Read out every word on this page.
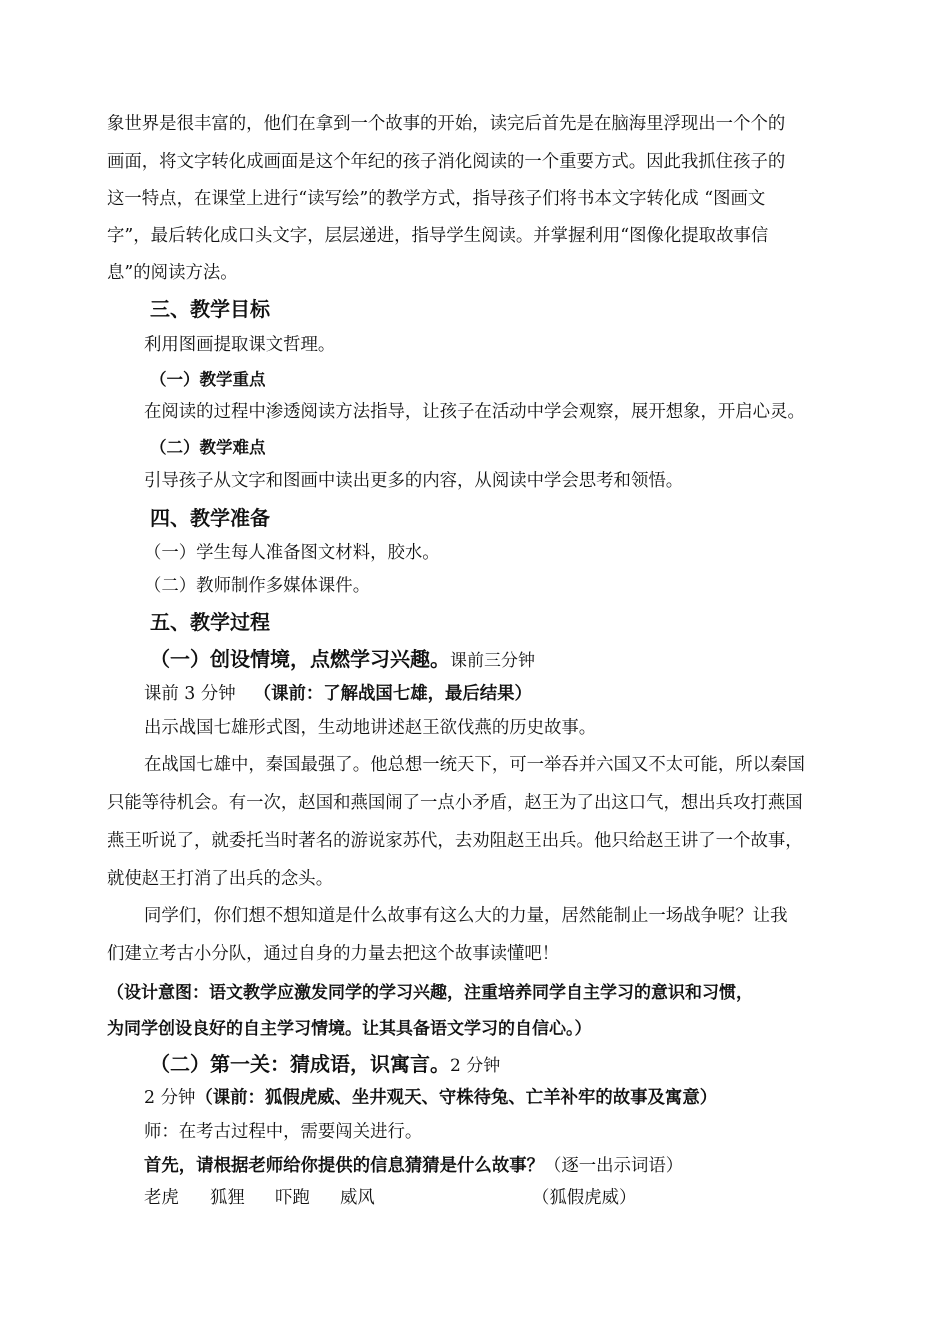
象世界是很丰富的，他们在拿到一个故事的开始，读完后首先是在脑海里浮现出一个个的
画面，将文字转化成画面是这个年纪的孩子消化阅读的一个重要方式。因此我抓住孩子的
这一特点，在课堂上进行“读写绘”的教学方式，指导孩子们将书本文字转化成 “图画文
字”，最后转化成口头文字，层层递进，指导学生阅读。并掌握利用“图像化提取故事信
息”的阅读方法。
三、教学目标
利用图画提取课文哲理。
（一）教学重点
在阅读的过程中渗透阅读方法指导，让孩子在活动中学会观察，展开想象，开启心灵。
（二）教学难点
引导孩子从文字和图画中读出更多的内容，从阅读中学会思考和领悟。
四、教学准备
（一）学生每人准备图文材料，胶水。
（二）教师制作多媒体课件。
五、教学过程
（一）创设情境，点燃学习兴趣。课前三分钟
课前 3 分钟 （课前：了解战国七雄，最后结果）
出示战国七雄形式图，生动地讲述赵王欲伐燕的历史故事。
在战国七雄中，秦国最强了。他总想一统天下，可一举吞并六国又不太可能，所以秦国
只能等待机会。有一次，赵国和燕国闹了一点小矛盾，赵王为了出这口气，想出兵攻打燕国
燕王听说了，就委托当时著名的游说家苏代，去劝阻赵王出兵。他只给赵王讲了一个故事，
就使赵王打消了出兵的念头。
同学们，你们想不想知道是什么故事有这么大的力量，居然能制止一场战争呢？让我
们建立考古小分队，通过自身的力量去把这个故事读懂吧！
（设计意图：语文教学应激发同学的学习兴趣，注重培养同学自主学习的意识和习惯，
为同学创设良好的自主学习情境。让其具备语文学习的自信心。）
（二）第一关：猜成语，识寓言。2 分钟
2 分钟（课前：狐假虎威、坐井观天、守株待兔、亡羊补牢的故事及寓意）
师：在考古过程中，需要闯关进行。
首先，请根据老师给你提供的信息猜猜是什么故事？（逐一出示词语）
老虎 狐狸 吓跑 威风	（狐假虎威）
